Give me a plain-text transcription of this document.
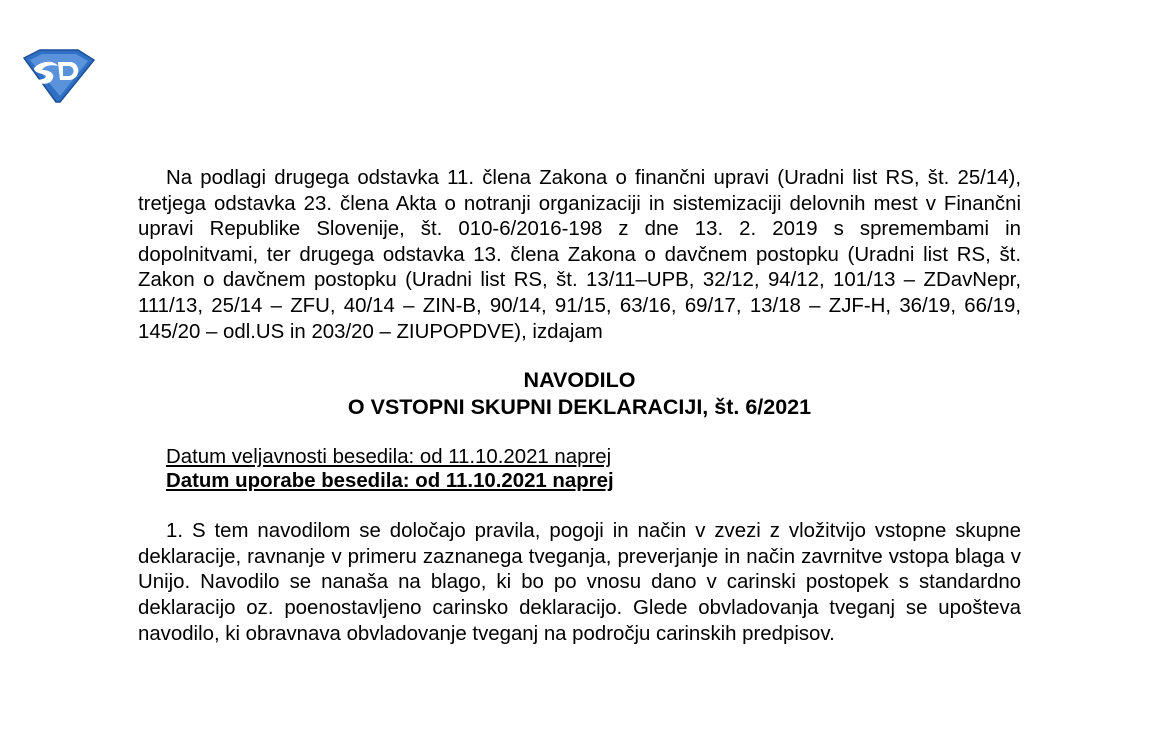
Na podlagi drugega odstavka 11. člena Zakona o finančni upravi (Uradni list RS, št. 25/14), tretjega odstavka 23. člena Akta o notranji organizaciji in sistemizaciji delovnih mest v Finančni upravi Republike Slovenije, št. 010-6/2016-198 z dne 13. 2. 2019 s spremembami in dopolnitvami, ter drugega odstavka 13. člena Zakona o davčnem postopku (Uradni list RS, št. Zakon o davčnem postopku (Uradni list RS, št. 13/11–UPB, 32/12, 94/12, 101/13 – ZDavNepr, 111/13, 25/14 – ZFU, 40/14 – ZIN-B, 90/14, 91/15, 63/16, 69/17, 13/18 – ZJF-H, 36/19, 66/19, 145/20 – odl.US in 203/20 – ZIUPOPDVE), izdajam

NAVODILO
O VSTOPNI SKUPNI DEKLARACIJI, št. 6/2021
Datum veljavnosti besedila: od 11.10.2021 naprej
Datum uporabe besedila: od 11.10.2021 naprej

1. S tem navodilom se določajo pravila, pogoji in način v zvezi z vložitvijo vstopne skupne deklaracije, ravnanje v primeru zaznanega tveganja, preverjanje in način zavrnitve vstopa blaga v Unijo. Navodilo se nanaša na blago, ki bo po vnosu dano v carinski postopek s standardno deklaracijo oz. poenostavljeno carinsko deklaracijo. Glede obvladovanja tveganj se upošteva navodilo, ki obravnava obvladovanje tveganj na področju carinskih predpisov.
